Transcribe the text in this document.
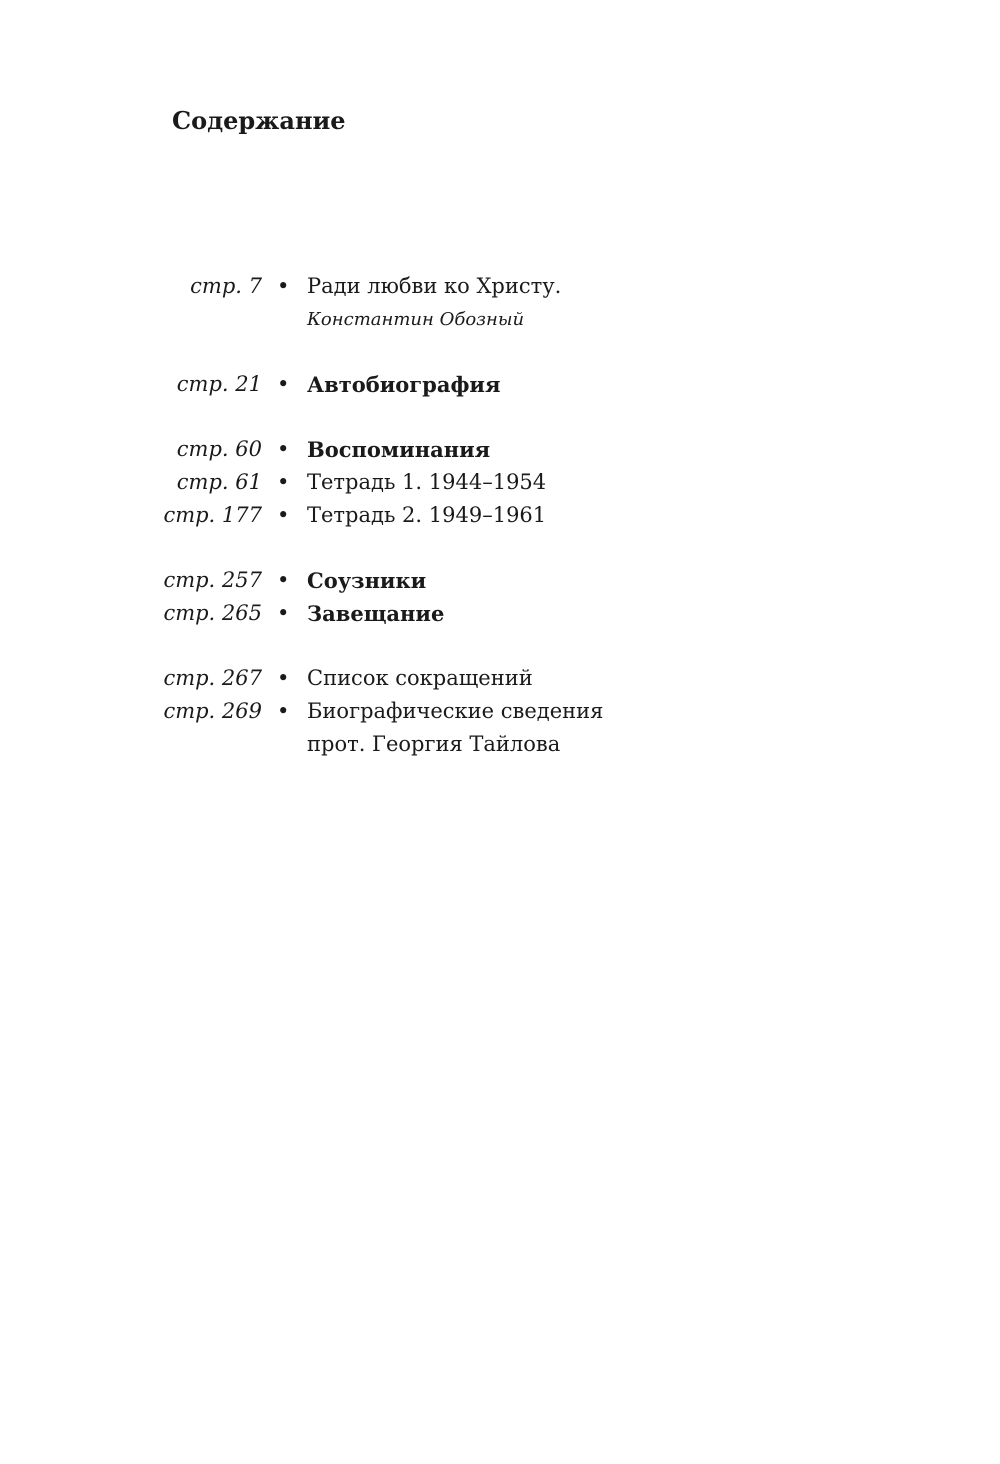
Содержание
стр. 7 • Ради любви ко Христу.
Константин Обозный
стр. 21 • Автобиография
стр. 60 • Воспоминания
стр. 61 • Тетрадь 1. 1944–1954
стр. 177 • Тетрадь 2. 1949–1961
стр. 257 • Соузники
стр. 265 • Завещание
стр. 267 • Список сокращений
стр. 269 • Биографические сведения
прот. Георгия Тайлова
